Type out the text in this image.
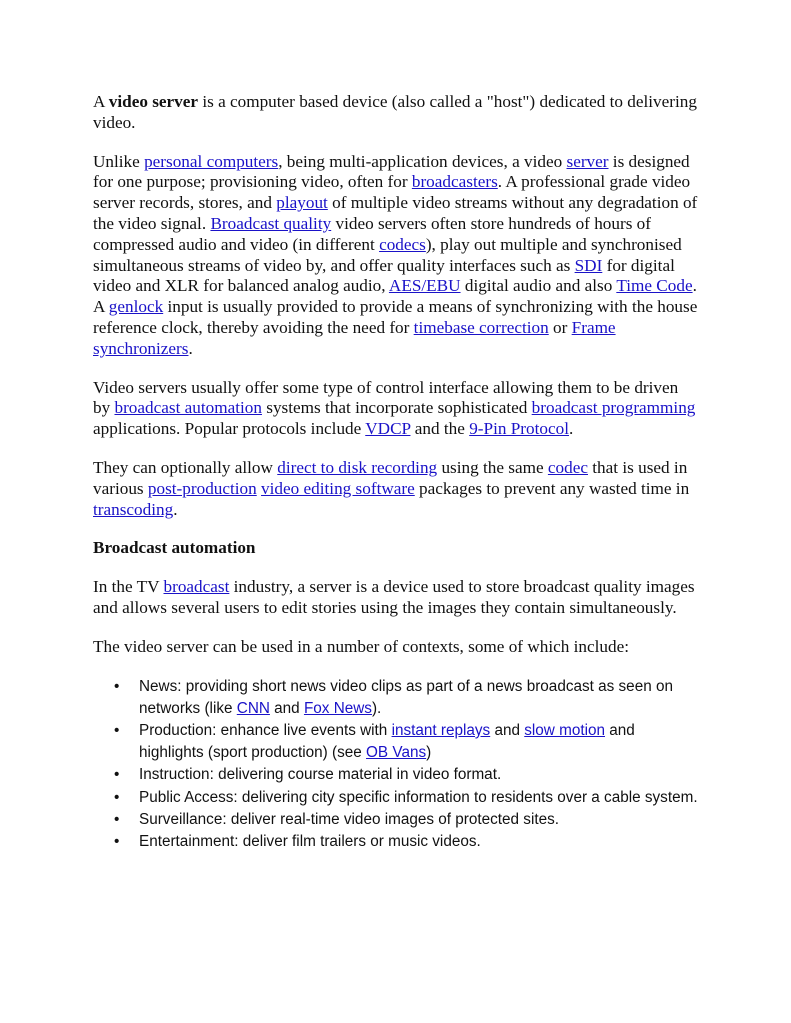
A video server is a computer based device (also called a "host") dedicated to delivering video.

Unlike personal computers, being multi-application devices, a video server is designed for one purpose; provisioning video, often for broadcasters. A professional grade video server records, stores, and playout of multiple video streams without any degradation of the video signal. Broadcast quality video servers often store hundreds of hours of compressed audio and video (in different codecs), play out multiple and synchronised simultaneous streams of video by, and offer quality interfaces such as SDI for digital video and XLR for balanced analog audio, AES/EBU digital audio and also Time Code. A genlock input is usually provided to provide a means of synchronizing with the house reference clock, thereby avoiding the need for timebase correction or Frame synchronizers.

Video servers usually offer some type of control interface allowing them to be driven by broadcast automation systems that incorporate sophisticated broadcast programming applications. Popular protocols include VDCP and the 9-Pin Protocol.

They can optionally allow direct to disk recording using the same codec that is used in various post-production video editing software packages to prevent any wasted time in transcoding.

Broadcast automation

In the TV broadcast industry, a server is a device used to store broadcast quality images and allows several users to edit stories using the images they contain simultaneously.

The video server can be used in a number of contexts, some of which include:

• News: providing short news video clips as part of a news broadcast as seen on networks (like CNN and Fox News).
• Production: enhance live events with instant replays and slow motion and highlights (sport production) (see OB Vans)
• Instruction: delivering course material in video format.
• Public Access: delivering city specific information to residents over a cable system.
• Surveillance: deliver real-time video images of protected sites.
• Entertainment: deliver film trailers or music videos.
